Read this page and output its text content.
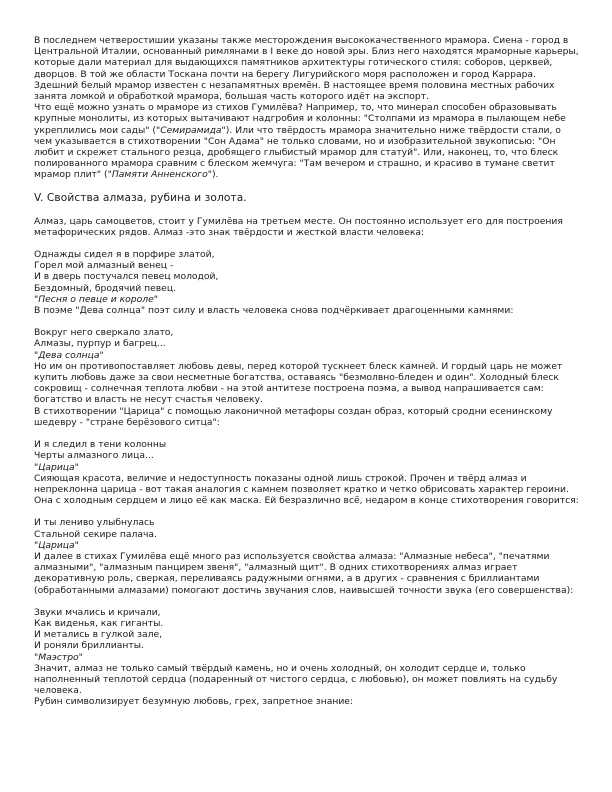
В последнем четверостишии указаны также месторождения высококачественного мрамора. Сиена - город в Центральной Италии, основанный римлянами в I веке до новой эры. Близ него находятся мраморные карьеры, которые дали материал для выдающихся памятников архитектуры готического стиля: соборов, церквей, дворцов. В той же области Тоскана почти на берегу Лигурийского моря расположен и город Каррара. Здешний белый мрамор известен с незапамятных времён. В настоящее время половина местных рабочих занята ломкой и обработкой мрамора, большая часть которого идёт на экспорт.

Что ещё можно узнать о мраморе из стихов Гумилёва? Например, то, что минерал способен образовывать крупные монолиты, из которых вытачивают надгробия и колонны: "Столпами из мрамора в пылающем небе укреплились мои сады" ("Семирамида"). Или что твёрдость мрамора значительно ниже твёрдости стали, о чем указывается в стихотворении "Сон Адама" не только словами, но и изобразительной звукописью: "Он любит и скрежет стального резца, дробящего глыбистый мрамор для статуй". Или, наконец, то, что блеск полированного мрамора сравним с блеском жемчуга: "Там вечером и страшно, и красиво в тумане светит мрамор плит" ("Памяти Анненского").

V. Свойства алмаза, рубина и золота.

Алмаз, царь самоцветов, стоит у Гумилёва на третьем месте. Он постоянно использует его для построения метафорических рядов. Алмаз -это знак твёрдости и жесткой власти человека:

Однажды сидел я в порфире златой,

Горел мой алмазный венец -

И в дверь постучался певец молодой,

Бездомный, бродячий певец.

"Песня о певце и короле"

В поэме "Дева солнца" поэт силу и власть человека снова подчёркивает драгоценными камнями:

Вокруг него сверкало злато,

Алмазы, пурпур и багрец...

"Дева солнца"

Но им он противопоставляет любовь девы, перед которой тускнеет блеск камней. И гордый царь не может купить любовь даже за свои несметные богатства, оставаясь "безмолвно-бледен и один". Холодный блеск сокровищ - солнечная теплота любви - на этой антитезе построена поэма, а вывод напрашивается сам: богатство и власть не несут счастья человеку.

В стихотворении "Царица" с помощью лаконичной метафоры создан образ, который сродни есенинскому шедевру - "стране берёзового ситца":

И я следил в тени колонны

Черты алмазного лица...

"Царица"

Сияющая красота, величие и недоступность показаны одной лишь строкой. Прочен и твёрд алмаз и непреклонна царица - вот такая аналогия с камнем позволяет кратко и четко обрисовать характер героини. Она с холодным сердцем и лицо её как маска. Ей безразлично всё, недаром в конце стихотворения говорится:

И ты лениво улыбнулась

Стальной секире палача.

"Царица"

И далее в стихах Гумилёва ещё много раз используется свойства алмаза: "Алмазные небеса", "печатями алмазными", "алмазным панцирем звеня", "алмазный щит". В одних стихотворениях алмаз играет декоративную роль, сверкая, переливаясь радужными огнями, а в других - сравнения с бриллиантами (обработанными алмазами) помогают достичь звучания слов, наивысшей точности звука (его совершенства):

Звуки мчались и кричали,

Как виденья, как гиганты.

И метались в гулкой зале,

И роняли бриллианты.

"Маэстро"

Значит, алмаз не только самый твёрдый камень, но и очень холодный, он холодит сердце и, только наполненный теплотой сердца (подаренный от чистого сердца, с любовью), он может повлиять на судьбу человека.

Рубин символизирует безумную любовь, грех, запретное знание:
